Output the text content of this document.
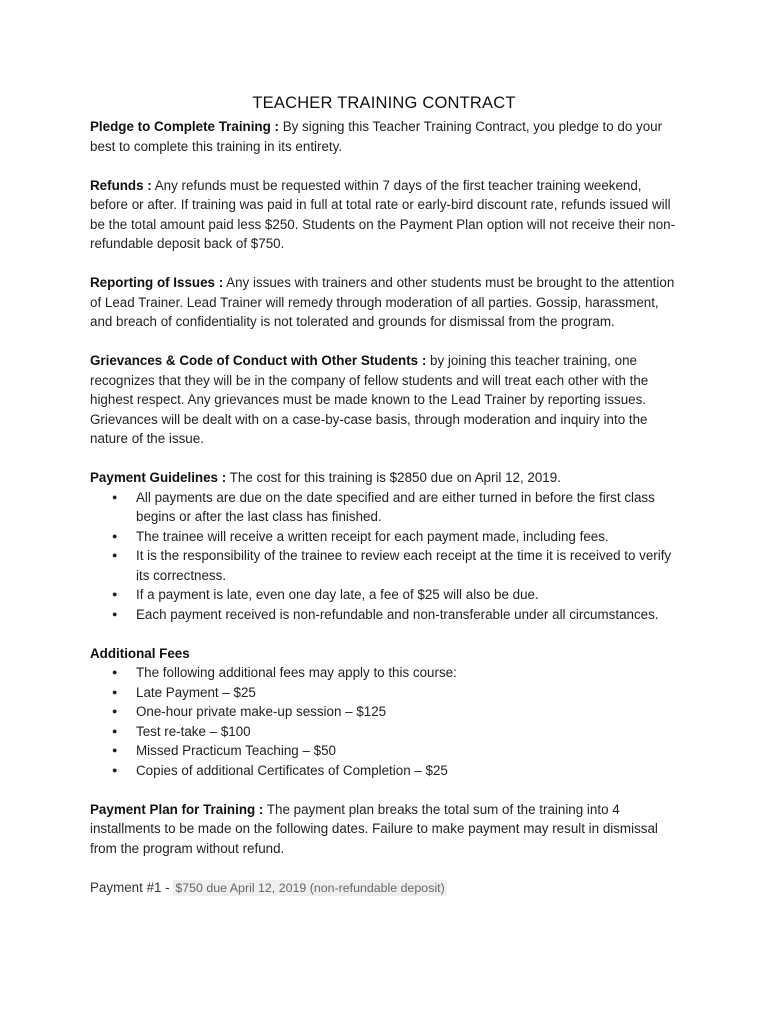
TEACHER TRAINING CONTRACT

Pledge to Complete Training : By signing this Teacher Training Contract, you pledge to do your best to complete this training in its entirety.

Refunds : Any refunds must be requested within 7 days of the first teacher training weekend, before or after. If training was paid in full at total rate or early-bird discount rate, refunds issued will be the total amount paid less $250. Students on the Payment Plan option will not receive their non-refundable deposit back of $750.

Reporting of Issues : Any issues with trainers and other students must be brought to the attention of Lead Trainer. Lead Trainer will remedy through moderation of all parties. Gossip, harassment, and breach of confidentiality is not tolerated and grounds for dismissal from the program.

Grievances & Code of Conduct with Other Students : by joining this teacher training, one recognizes that they will be in the company of fellow students and will treat each other with the highest respect. Any grievances must be made known to the Lead Trainer by reporting issues. Grievances will be dealt with on a case-by-case basis, through moderation and inquiry into the nature of the issue.

Payment Guidelines : The cost for this training is $2850 due on April 12, 2019.

● All payments are due on the date specified and are either turned in before the first class begins or after the last class has finished.
● The trainee will receive a written receipt for each payment made, including fees.
● It is the responsibility of the trainee to review each receipt at the time it is received to verify its correctness.
● If a payment is late, even one day late, a fee of $25 will also be due.
● Each payment received is non-refundable and non-transferable under all circumstances.

Additional Fees

● The following additional fees may apply to this course:
● Late Payment – $25
● One-hour private make-up session – $125
● Test re-take – $100
● Missed Practicum Teaching – $50
● Copies of additional Certificates of Completion – $25

Payment Plan for Training : The payment plan breaks the total sum of the training into 4 installments to be made on the following dates. Failure to make payment may result in dismissal from the program without refund.

Payment #1 - $750 due April 12, 2019 (non-refundable deposit)
